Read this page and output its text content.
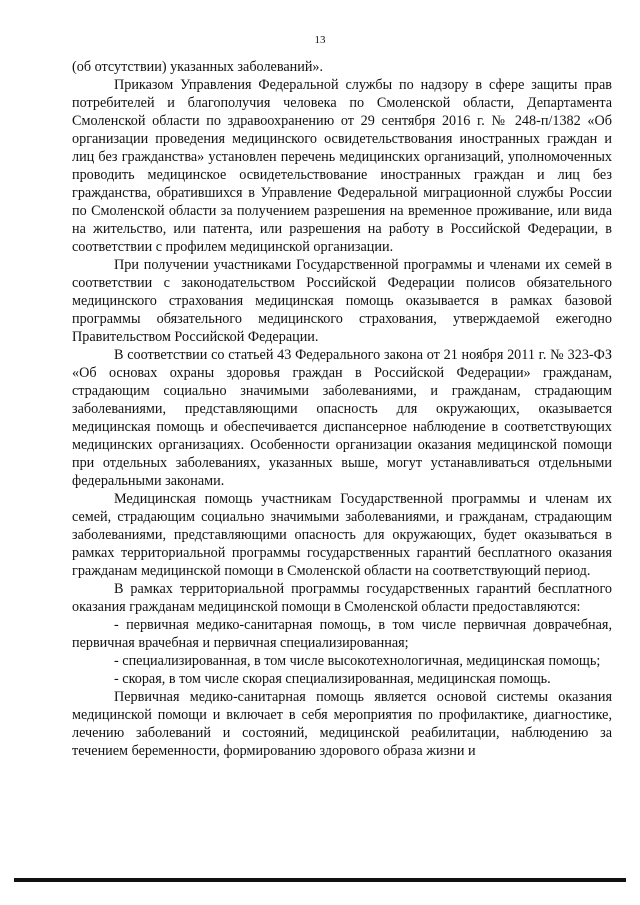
13

(об отсутствии) указанных заболеваний».

Приказом Управления Федеральной службы по надзору в сфере защиты прав потребителей и благополучия человека по Смоленской области, Департамента Смоленской области по здравоохранению от 29 сентября 2016 г. № 248-п/1382 «Об организации проведения медицинского освидетельствования иностранных граждан и лиц без гражданства» установлен перечень медицинских организаций, уполномоченных проводить медицинское освидетельствование иностранных граждан и лиц без гражданства, обратившихся в Управление Федеральной миграционной службы России по Смоленской области за получением разрешения на временное проживание, или вида на жительство, или патента, или разрешения на работу в Российской Федерации, в соответствии с профилем медицинской организации.

При получении участниками Государственной программы и членами их семей в соответствии с законодательством Российской Федерации полисов обязательного медицинского страхования медицинская помощь оказывается в рамках базовой программы обязательного медицинского страхования, утверждаемой ежегодно Правительством Российской Федерации.

В соответствии со статьей 43 Федерального закона от 21 ноября 2011 г. № 323-ФЗ «Об основах охраны здоровья граждан в Российской Федерации» гражданам, страдающим социально значимыми заболеваниями, и гражданам, страдающим заболеваниями, представляющими опасность для окружающих, оказывается медицинская помощь и обеспечивается диспансерное наблюдение в соответствующих медицинских организациях. Особенности организации оказания медицинской помощи при отдельных заболеваниях, указанных выше, могут устанавливаться отдельными федеральными законами.

Медицинская помощь участникам Государственной программы и членам их семей, страдающим социально значимыми заболеваниями, и гражданам, страдающим заболеваниями, представляющими опасность для окружающих, будет оказываться в рамках территориальной программы государственных гарантий бесплатного оказания гражданам медицинской помощи в Смоленской области на соответствующий период.

В рамках территориальной программы государственных гарантий бесплатного оказания гражданам медицинской помощи в Смоленской области предоставляются:

- первичная медико-санитарная помощь, в том числе первичная доврачебная, первичная врачебная и первичная специализированная;

- специализированная, в том числе высокотехнологичная, медицинская помощь;

- скорая, в том числе скорая специализированная, медицинская помощь.

Первичная медико-санитарная помощь является основой системы оказания медицинской помощи и включает в себя мероприятия по профилактике, диагностике, лечению заболеваний и состояний, медицинской реабилитации, наблюдению за течением беременности, формированию здорового образа жизни и
